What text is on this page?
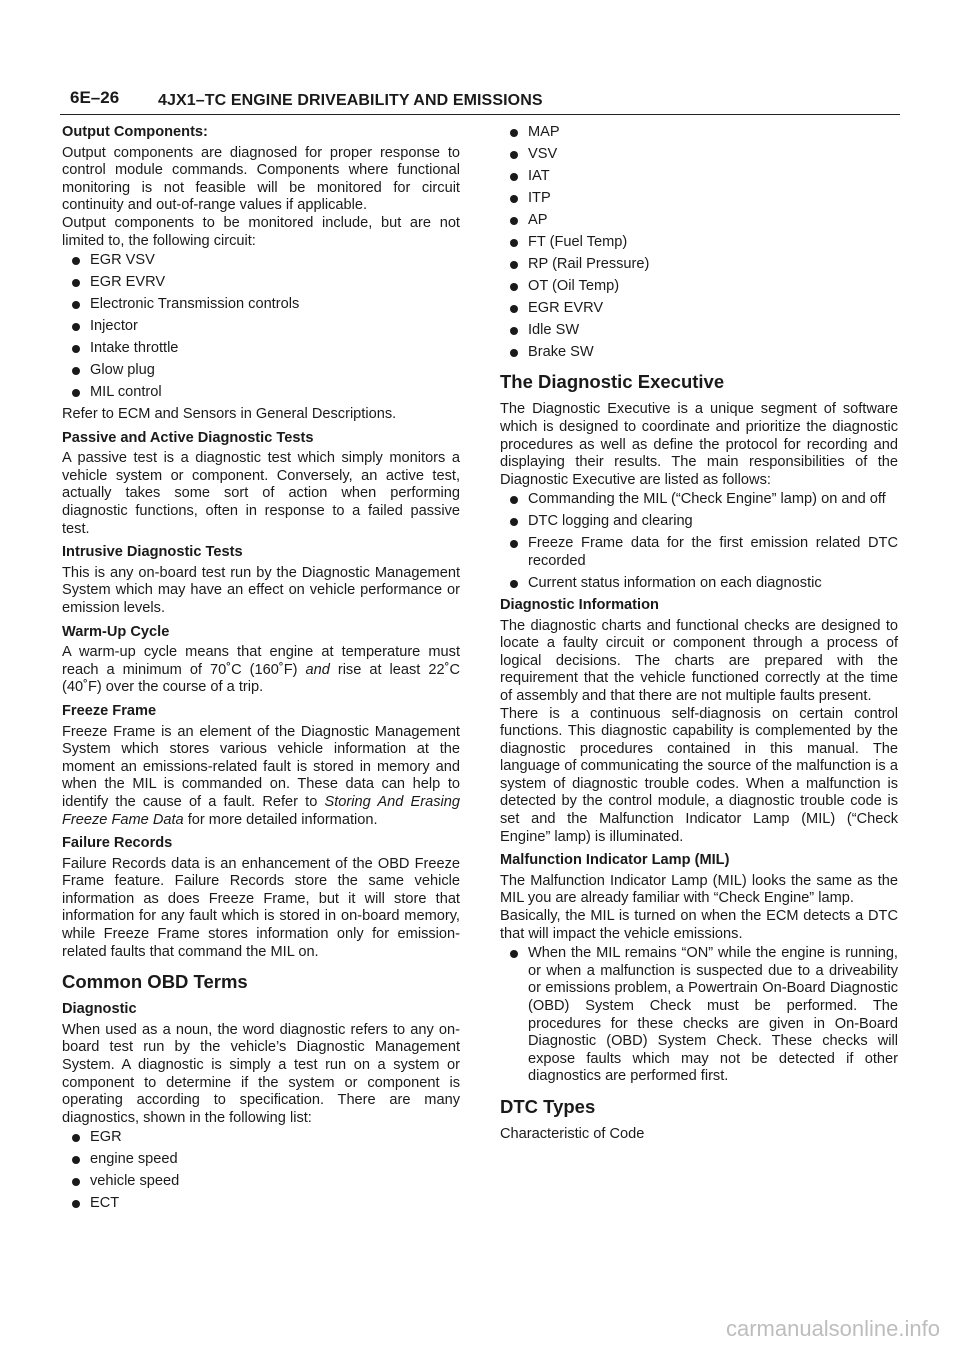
6E–26 4JX1–TC ENGINE DRIVEABILITY AND EMISSIONS
Output Components:
Output components are diagnosed for proper response to control module commands. Components where functional monitoring is not feasible will be monitored for circuit continuity and out-of-range values if applicable.
Output components to be monitored include, but are not limited to, the following circuit:
EGR VSV
EGR EVRV
Electronic Transmission controls
Injector
Intake throttle
Glow plug
MIL control
Refer to ECM and Sensors in General Descriptions.
Passive and Active Diagnostic Tests
A passive test is a diagnostic test which simply monitors a vehicle system or component. Conversely, an active test, actually takes some sort of action when performing diagnostic functions, often in response to a failed passive test.
Intrusive Diagnostic Tests
This is any on-board test run by the Diagnostic Management System which may have an effect on vehicle performance or emission levels.
Warm-Up Cycle
A warm-up cycle means that engine at temperature must reach a minimum of 70˚C (160˚F) and rise at least 22˚C (40˚F) over the course of a trip.
Freeze Frame
Freeze Frame is an element of the Diagnostic Management System which stores various vehicle information at the moment an emissions-related fault is stored in memory and when the MIL is commanded on. These data can help to identify the cause of a fault. Refer to Storing And Erasing Freeze Fame Data for more detailed information.
Failure Records
Failure Records data is an enhancement of the OBD Freeze Frame feature. Failure Records store the same vehicle information as does Freeze Frame, but it will store that information for any fault which is stored in on-board memory, while Freeze Frame stores information only for emission-related faults that command the MIL on.
Common OBD Terms
Diagnostic
When used as a noun, the word diagnostic refers to any on-board test run by the vehicle’s Diagnostic Management System. A diagnostic is simply a test run on a system or component to determine if the system or component is operating according to specification. There are many diagnostics, shown in the following list:
EGR
engine speed
vehicle speed
ECT
MAP
VSV
IAT
ITP
AP
FT (Fuel Temp)
RP (Rail Pressure)
OT (Oil Temp)
EGR EVRV
Idle SW
Brake SW
The Diagnostic Executive
The Diagnostic Executive is a unique segment of software which is designed to coordinate and prioritize the diagnostic procedures as well as define the protocol for recording and displaying their results. The main responsibilities of the Diagnostic Executive are listed as follows:
Commanding the MIL (“Check Engine” lamp) on and off
DTC logging and clearing
Freeze Frame data for the first emission related DTC recorded
Current status information on each diagnostic
Diagnostic Information
The diagnostic charts and functional checks are designed to locate a faulty circuit or component through a process of logical decisions. The charts are prepared with the requirement that the vehicle functioned correctly at the time of assembly and that there are not multiple faults present.
There is a continuous self-diagnosis on certain control functions. This diagnostic capability is complemented by the diagnostic procedures contained in this manual. The language of communicating the source of the malfunction is a system of diagnostic trouble codes. When a malfunction is detected by the control module, a diagnostic trouble code is set and the Malfunction Indicator Lamp (MIL) (“Check Engine” lamp) is illuminated.
Malfunction Indicator Lamp (MIL)
The Malfunction Indicator Lamp (MIL) looks the same as the MIL you are already familiar with “Check Engine” lamp.
Basically, the MIL is turned on when the ECM detects a DTC that will impact the vehicle emissions.
When the MIL remains “ON” while the engine is running, or when a malfunction is suspected due to a driveability or emissions problem, a Powertrain On-Board Diagnostic (OBD) System Check must be performed. The procedures for these checks are given in On-Board Diagnostic (OBD) System Check. These checks will expose faults which may not be detected if other diagnostics are performed first.
DTC Types
Characteristic of Code
carmanualsonline.info
